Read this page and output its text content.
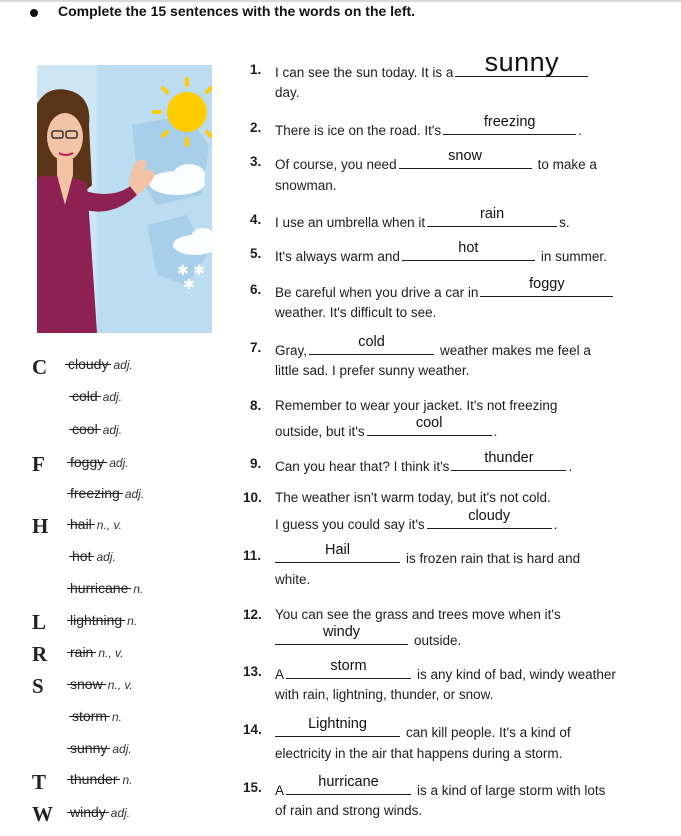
Complete the 15 sentences with the words on the left.
✱ ✱
✱
C	cloudy adj.
cold adj.
cool adj.
F	foggy adj.
freezing adj.
H hail n., v.
hot adj.
hurricane n.
L	lightning n.
R	rain n., v.
S	snow n., v.
storm n.
sunny adj.
T	thunder n.
W windy adj.
1. I can see the sun today. It is a	sunny
day.
2. There is ice on the road. It's
freezing
.
3. Of course, you need
snow
to make a
snowman.
4. I use an umbrella when it
rain
s.
5. It's always warm and
hot
in summer.
6. Be careful when you drive a car in
foggy
weather. It's difficult to see.
7. Gray,
cold
weather makes me feel a
little sad. I prefer sunny weather.
8. Remember to wear your jacket. It's not freezing
outside, but it's
cool
.
9. Can you hear that? I think it's
thunder
.
10. The weather isn't warm today, but it's not cold.
I guess you could say it's
cloudy
.
11.	Hail
is frozen rain that is hard and
white.
12. You can see the grass and trees move when it's
windy
outside.
13. A
storm
is any kind of bad, windy weather
with rain, lightning, thunder, or snow.
14.	Lightning
can kill people. It's a kind of
electricity in the air that happens during a storm.
15. A
hurricane
is a kind of large storm with lots
of rain and strong winds.
